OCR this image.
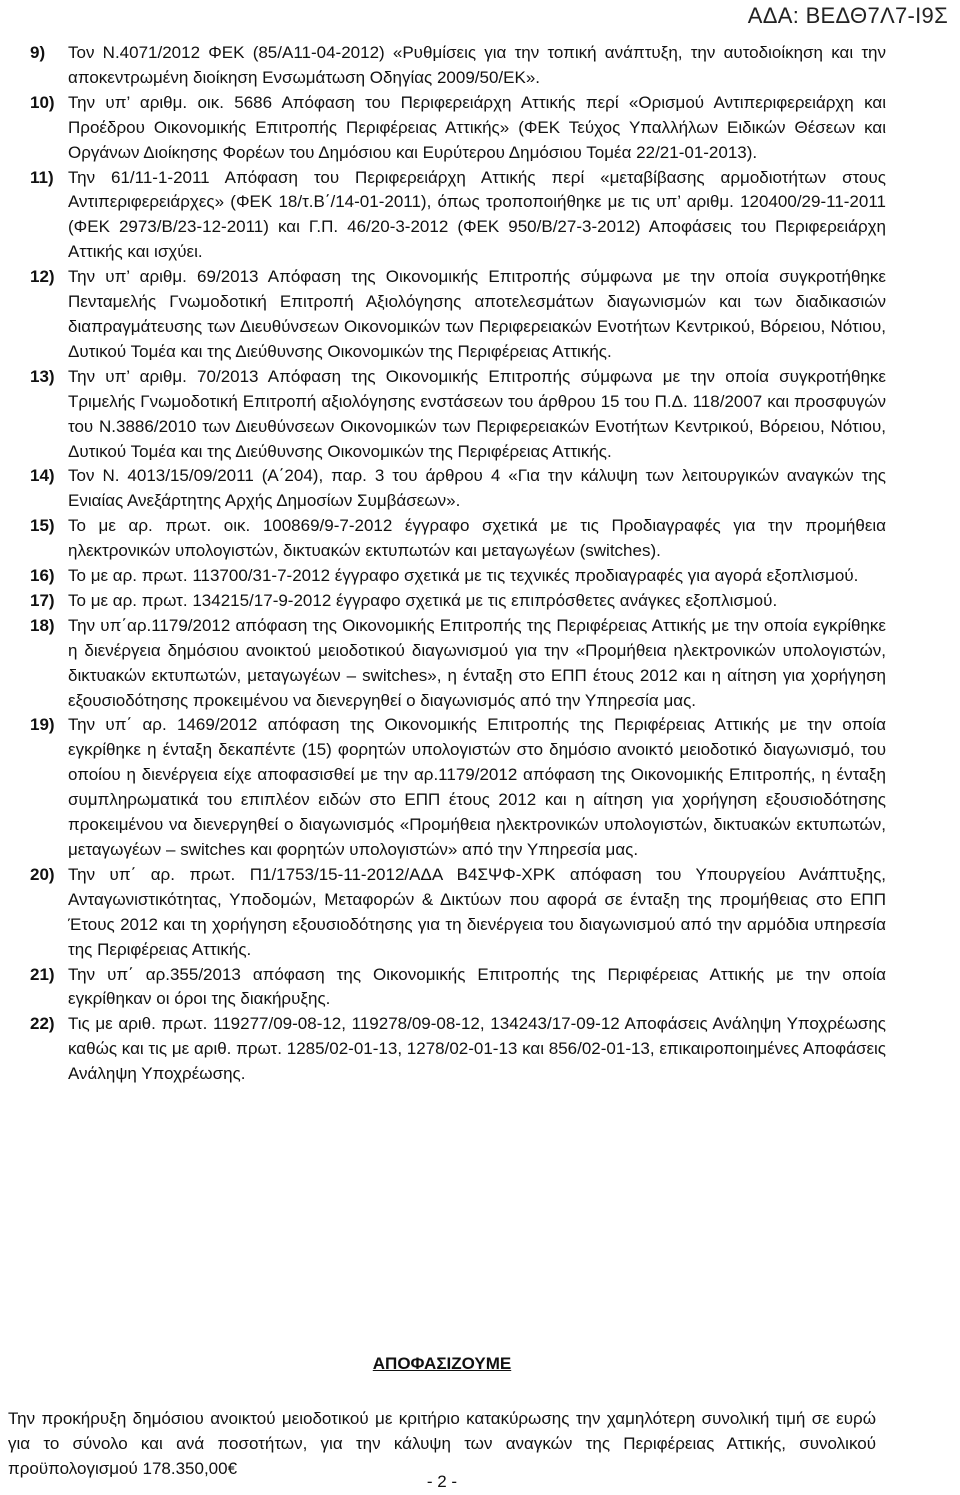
ΑΔΑ: ΒΕΔΘ7Λ7-Ι9Σ
9) Τον Ν.4071/2012 ΦΕΚ (85/Α11-04-2012) «Ρυθμίσεις για την τοπική ανάπτυξη, την αυτοδιοίκηση και την αποκεντρωμένη διοίκηση Ενσωμάτωση Οδηγίας 2009/50/ΕΚ».
10) Την υπ’ αριθμ. οικ. 5686 Απόφαση του Περιφερειάρχη Αττικής περί «Ορισμού Αντιπεριφερειάρχη και Προέδρου Οικονομικής Επιτροπής Περιφέρειας Αττικής» (ΦΕΚ Τεύχος Υπαλλήλων Ειδικών Θέσεων και Οργάνων Διοίκησης Φορέων του Δημόσιου και Ευρύτερου Δημόσιου Τομέα 22/21-01-2013).
11) Την 61/11-1-2011 Απόφαση του Περιφερειάρχη Αττικής περί «μεταβίβασης αρμοδιοτήτων στους Αντιπεριφερειάρχες» (ΦΕΚ 18/τ.Β΄/14-01-2011), όπως τροποποιήθηκε με τις υπ’ αριθμ. 120400/29-11-2011 (ΦΕΚ 2973/Β/23-12-2011) και Γ.Π. 46/20-3-2012 (ΦΕΚ 950/Β/27-3-2012) Αποφάσεις του Περιφερειάρχη Αττικής και ισχύει.
12) Την υπ’ αριθμ. 69/2013 Απόφαση της Οικονομικής Επιτροπής σύμφωνα με την οποία συγκροτήθηκε Πενταμελής Γνωμοδοτική Επιτροπή Αξιολόγησης αποτελεσμάτων διαγωνισμών και των διαδικασιών διαπραγμάτευσης των Διευθύνσεων Οικονομικών των Περιφερειακών Ενοτήτων Κεντρικού, Βόρειου, Νότιου, Δυτικού Τομέα και της Διεύθυνσης Οικονομικών της Περιφέρειας Αττικής.
13) Την υπ’ αριθμ. 70/2013 Απόφαση της Οικονομικής Επιτροπής σύμφωνα με την οποία συγκροτήθηκε Τριμελής Γνωμοδοτική Επιτροπή αξιολόγησης ενστάσεων του άρθρου 15 του Π.Δ. 118/2007 και προσφυγών του Ν.3886/2010 των Διευθύνσεων Οικονομικών των Περιφερειακών Ενοτήτων Κεντρικού, Βόρειου, Νότιου, Δυτικού Τομέα και της Διεύθυνσης Οικονομικών της Περιφέρειας Αττικής.
14) Τον Ν. 4013/15/09/2011 (Α΄204), παρ. 3 του άρθρου 4 «Για την κάλυψη των λειτουργικών αναγκών της Ενιαίας Ανεξάρτητης Αρχής Δημοσίων Συμβάσεων».
15) Το με αρ. πρωτ. οικ. 100869/9-7-2012 έγγραφο σχετικά με τις Προδιαγραφές για την προμήθεια ηλεκτρονικών υπολογιστών, δικτυακών εκτυπωτών και μεταγωγέων (switches).
16) Το με αρ. πρωτ. 113700/31-7-2012 έγγραφο σχετικά με τις τεχνικές προδιαγραφές για αγορά εξοπλισμού.
17) Το με αρ. πρωτ. 134215/17-9-2012 έγγραφο σχετικά με τις επιπρόσθετες ανάγκες εξοπλισμού.
18) Την υπ΄αρ.1179/2012 απόφαση της Οικονομικής Επιτροπής της Περιφέρειας Αττικής με την οποία εγκρίθηκε η διενέργεια δημόσιου ανοικτού μειοδοτικού διαγωνισμού για την «Προμήθεια ηλεκτρονικών υπολογιστών, δικτυακών εκτυπωτών, μεταγωγέων – switches», η ένταξη στο ΕΠΠ έτους 2012 και η αίτηση για χορήγηση εξουσιοδότησης προκειμένου να διενεργηθεί ο διαγωνισμός από την Υπηρεσία μας.
19) Την υπ΄ αρ. 1469/2012 απόφαση της Οικονομικής Επιτροπής της Περιφέρειας Αττικής με την οποία εγκρίθηκε η ένταξη δεκαπέντε (15) φορητών υπολογιστών στο δημόσιο ανοικτό μειοδοτικό διαγωνισμό, του οποίου η διενέργεια είχε αποφασισθεί με την αρ.1179/2012 απόφαση της Οικονομικής Επιτροπής, η ένταξη συμπληρωματικά του επιπλέον ειδών στο ΕΠΠ έτους 2012 και η αίτηση για χορήγηση εξουσιοδότησης προκειμένου να διενεργηθεί ο διαγωνισμός «Προμήθεια ηλεκτρονικών υπολογιστών, δικτυακών εκτυπωτών, μεταγωγέων – switches και φορητών υπολογιστών» από την Υπηρεσία μας.
20) Την υπ΄ αρ. πρωτ. Π1/1753/15-11-2012/ΑΔΑ Β4ΣΨΦ-ΧΡΚ απόφαση του Υπουργείου Ανάπτυξης, Ανταγωνιστικότητας, Υποδομών, Μεταφορών & Δικτύων που αφορά σε ένταξη της προμήθειας στο ΕΠΠ Έτους 2012 και τη χορήγηση εξουσιοδότησης για τη διενέργεια του διαγωνισμού από την αρμόδια υπηρεσία της Περιφέρειας Αττικής.
21) Την υπ΄ αρ.355/2013 απόφαση της Οικονομικής Επιτροπής της Περιφέρειας Αττικής με την οποία εγκρίθηκαν οι όροι της διακήρυξης.
22) Τις με αριθ. πρωτ. 119277/09-08-12, 119278/09-08-12, 134243/17-09-12 Αποφάσεις Ανάληψη Υποχρέωσης καθώς και τις με αριθ. πρωτ. 1285/02-01-13, 1278/02-01-13 και 856/02-01-13, επικαιροποιημένες Αποφάσεις Ανάληψη Υποχρέωσης.
ΑΠΟΦΑΣΙΖΟΥΜΕ
Την προκήρυξη δημόσιου ανοικτού μειοδοτικού με κριτήριο κατακύρωσης την χαμηλότερη συνολική τιμή σε ευρώ για το σύνολο και ανά ποσοτήτων, για την κάλυψη των αναγκών της Περιφέρειας Αττικής, συνολικού προϋπολογισμού 178.350,00€
- 2 -
